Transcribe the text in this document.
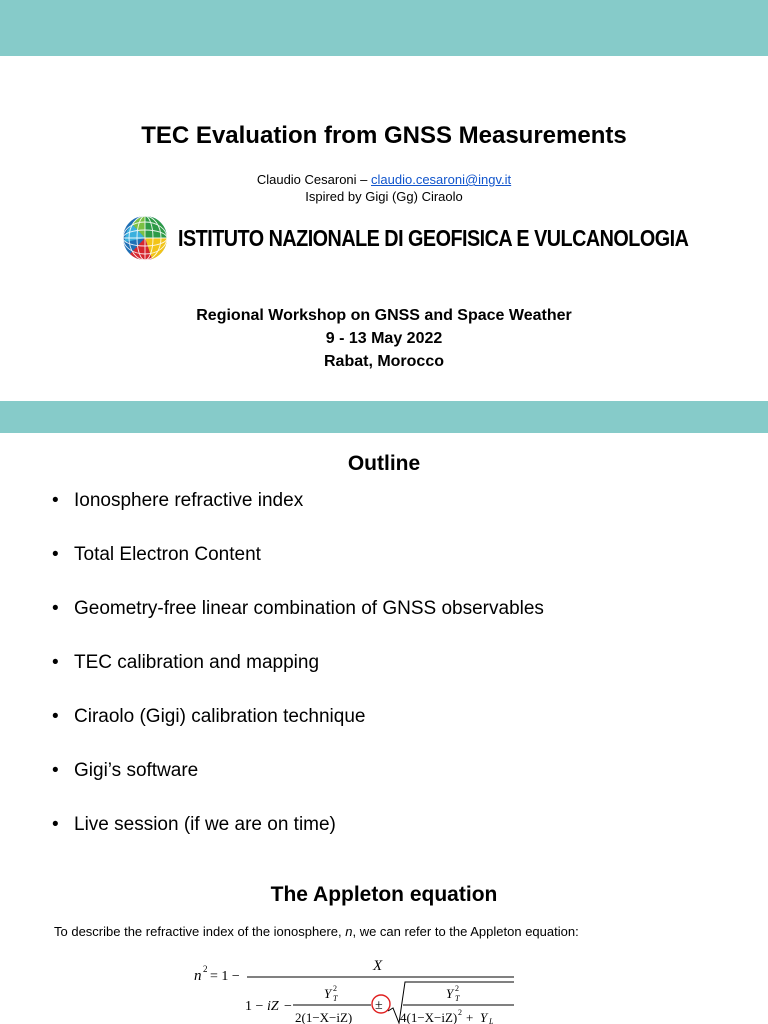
TEC Evaluation from GNSS Measurements
Claudio Cesaroni – claudio.cesaroni@ingv.it
Ispired by Gigi (Gg) Ciraolo
ISTITUTO NAZIONALE DI GEOFISICA E VULCANOLOGIA
Regional Workshop on GNSS and Space Weather
9 - 13 May 2022
Rabat, Morocco
Outline
• Ionosphere refractive index
• Total Electron Content
• Geometry-free linear combination of GNSS observables
• TEC calibration and mapping
• Ciraolo (Gigi) calibration technique
• Gigi’s software
• Live session (if we are on time)
The Appleton equation
To describe the refractive index of the ionosphere, n, we can refer to the Appleton equation:
n 2 = 1 −
X
1 − iZ −
Y T
2
2(1−X−iZ)
±
Y T
2
4(1−X−iZ) 2 + Y L
